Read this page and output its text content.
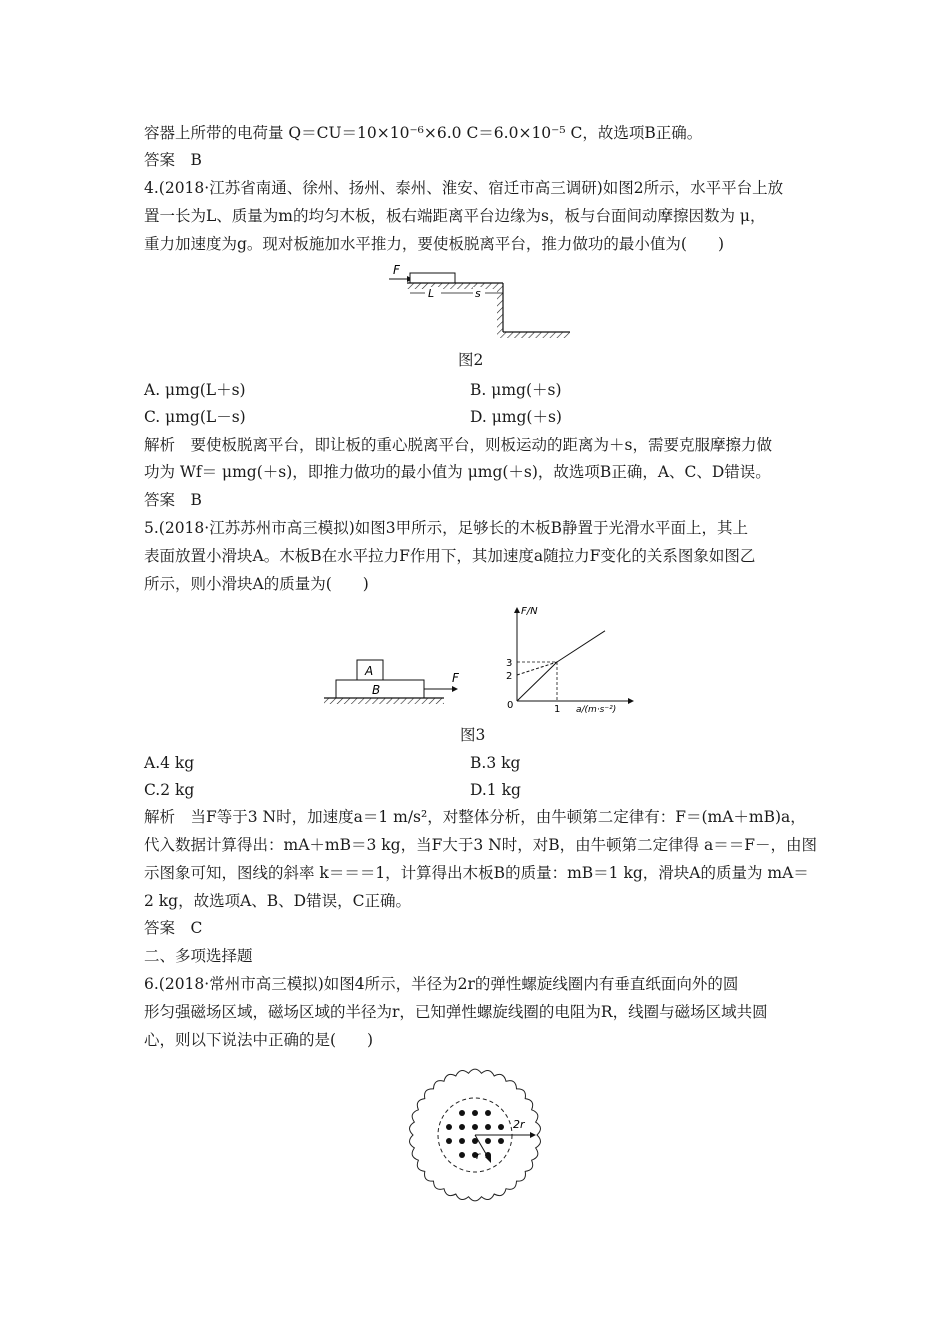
容器上所带的电荷量 Q＝CU＝10×10⁻⁶×6.0 C＝6.0×10⁻⁵ C，故选项B正确。
答案　B
4.(2018·江苏省南通、徐州、扬州、泰州、淮安、宿迁市高三调研)如图2所示，水平平台上放
置一长为L、质量为m的均匀木板，板右端距离平台边缘为s，板与台面间动摩擦因数为 μ，
重力加速度为g。现对板施加水平推力，要使板脱离平台，推力做功的最小值为(　　)
F
L	s
图2
A. μmg(L＋s)	B. μmg(＋s)
C. μmg(L－s)	D. μmg(＋s)
解析　要使板脱离平台，即让板的重心脱离平台，则板运动的距离为＋s，需要克服摩擦力做
功为 Wf＝ μmg(＋s)，即推力做功的最小值为 μmg(＋s)，故选项B正确，A、C、D错误。
答案　B
5.(2018·江苏苏州市高三模拟)如图3甲所示，足够长的木板B静置于光滑水平面上，其上
表面放置小滑块A。木板B在水平拉力F作用下，其加速度a随拉力F变化的关系图象如图乙
所示，则小滑块A的质量为(　　)
A
B
F
F/N
a/(m·s⁻²)
0	1
2
3
图3
A.4 kg	B.3 kg
C.2 kg	D.1 kg
解析　当F等于3 N时，加速度a＝1 m/s²，对整体分析，由牛顿第二定律有：F＝(mA＋mB)a，
代入数据计算得出：mA＋mB＝3 kg，当F大于3 N时，对B，由牛顿第二定律得 a＝＝F－，由图
示图象可知，图线的斜率 k＝＝＝1，计算得出木板B的质量：mB＝1 kg，滑块A的质量为 mA＝
2 kg，故选项A、B、D错误，C正确。
答案　C
二、多项选择题
6.(2018·常州市高三模拟)如图4所示，半径为2r的弹性螺旋线圈内有垂直纸面向外的圆
形匀强磁场区域，磁场区域的半径为r，已知弹性螺旋线圈的电阻为R，线圈与磁场区域共圆
心，则以下说法中正确的是(　　)
2r
r
